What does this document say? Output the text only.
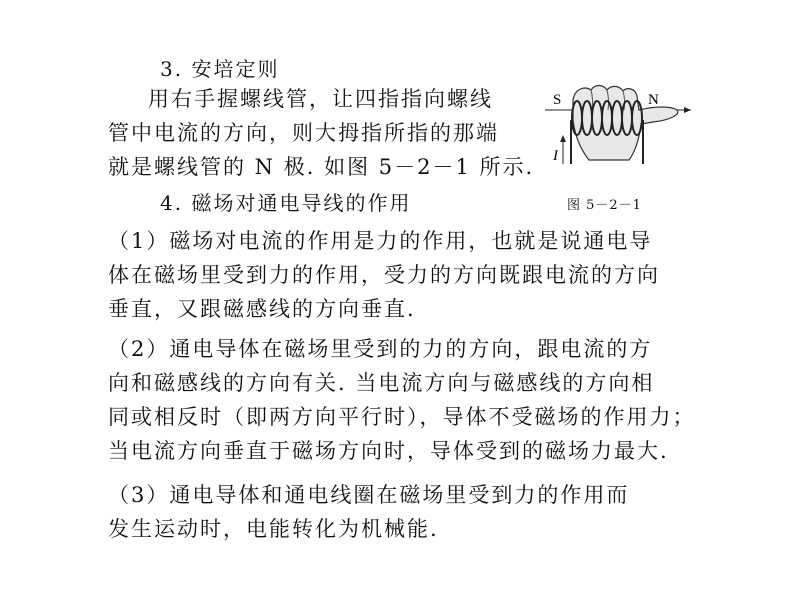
3. 安培定则
用右手握螺线管，让四指指向螺线
管中电流的方向，则大拇指所指的那端
就是螺线管的 N 极. 如图 5－2－1 所示.
S	N
I
图 5－2－1
4. 磁场对通电导线的作用
（1）磁场对电流的作用是力的作用，也就是说通电导
体在磁场里受到力的作用，受力的方向既跟电流的方向
垂直，又跟磁感线的方向垂直.
（2）通电导体在磁场里受到的力的方向，跟电流的方
向和磁感线的方向有关. 当电流方向与磁感线的方向相
同或相反时（即两方向平行时），导体不受磁场的作用力；
当电流方向垂直于磁场方向时，导体受到的磁场力最大.
（3）通电导体和通电线圈在磁场里受到力的作用而
发生运动时，电能转化为机械能.
